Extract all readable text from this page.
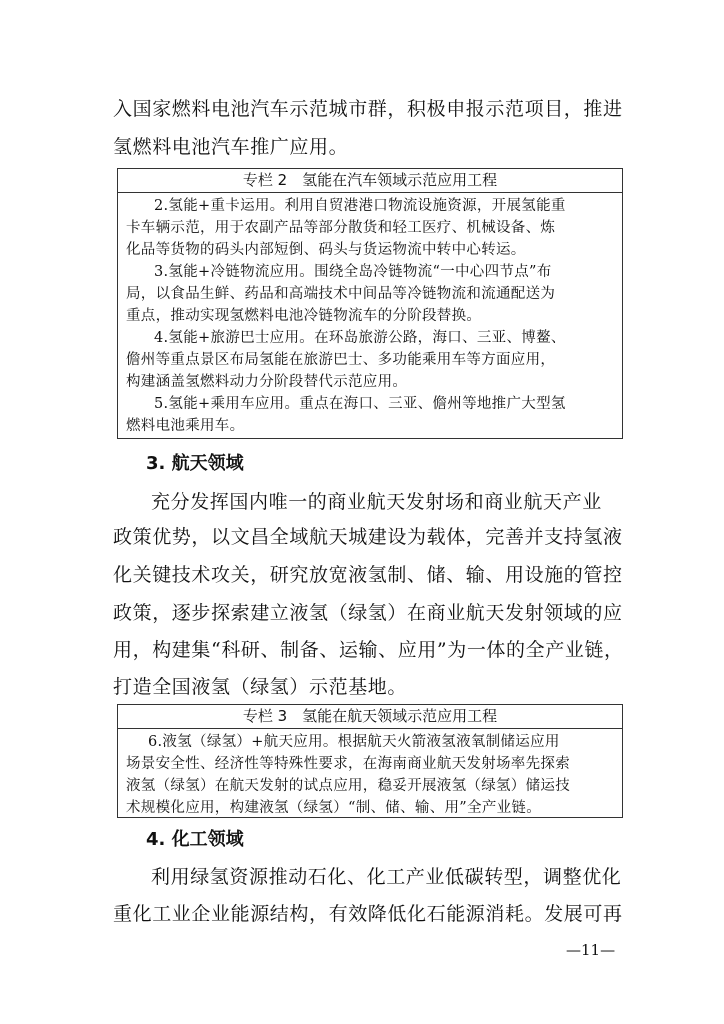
入国家燃料电池汽车示范城市群，积极申报示范项目，推进
氢燃料电池汽车推广应用。
专栏 2　氢能在汽车领域示范应用工程
2.氢能+重卡运用。利用自贸港港口物流设施资源，开展氢能重
卡车辆示范，用于农副产品等部分散货和轻工医疗、机械设备、炼
化品等货物的码头内部短倒、码头与货运物流中转中心转运。
3.氢能+冷链物流应用。围绕全岛冷链物流“一中心四节点”布
局，以食品生鲜、药品和高端技术中间品等冷链物流和流通配送为
重点，推动实现氢燃料电池冷链物流车的分阶段替换。
4.氢能+旅游巴士应用。在环岛旅游公路，海口、三亚、博鳌、
儋州等重点景区布局氢能在旅游巴士、多功能乘用车等方面应用，
构建涵盖氢燃料动力分阶段替代示范应用。
5.氢能+乘用车应用。重点在海口、三亚、儋州等地推广大型氢
燃料电池乘用车。
3. 航天领域
充分发挥国内唯一的商业航天发射场和商业航天产业
政策优势，以文昌全域航天城建设为载体，完善并支持氢液
化关键技术攻关，研究放宽液氢制、储、输、用设施的管控
政策，逐步探索建立液氢（绿氢）在商业航天发射领域的应
用，构建集“科研、制备、运输、应用”为一体的全产业链，
打造全国液氢（绿氢）示范基地。
专栏 3　氢能在航天领域示范应用工程
6.液氢（绿氢）+航天应用。根据航天火箭液氢液氧制储运应用
场景安全性、经济性等特殊性要求，在海南商业航天发射场率先探索
液氢（绿氢）在航天发射的试点应用，稳妥开展液氢（绿氢）储运技
术规模化应用，构建液氢（绿氢）“制、储、输、用”全产业链。
4. 化工领域
利用绿氢资源推动石化、化工产业低碳转型，调整优化
重化工业企业能源结构，有效降低化石能源消耗。发展可再
—11—
